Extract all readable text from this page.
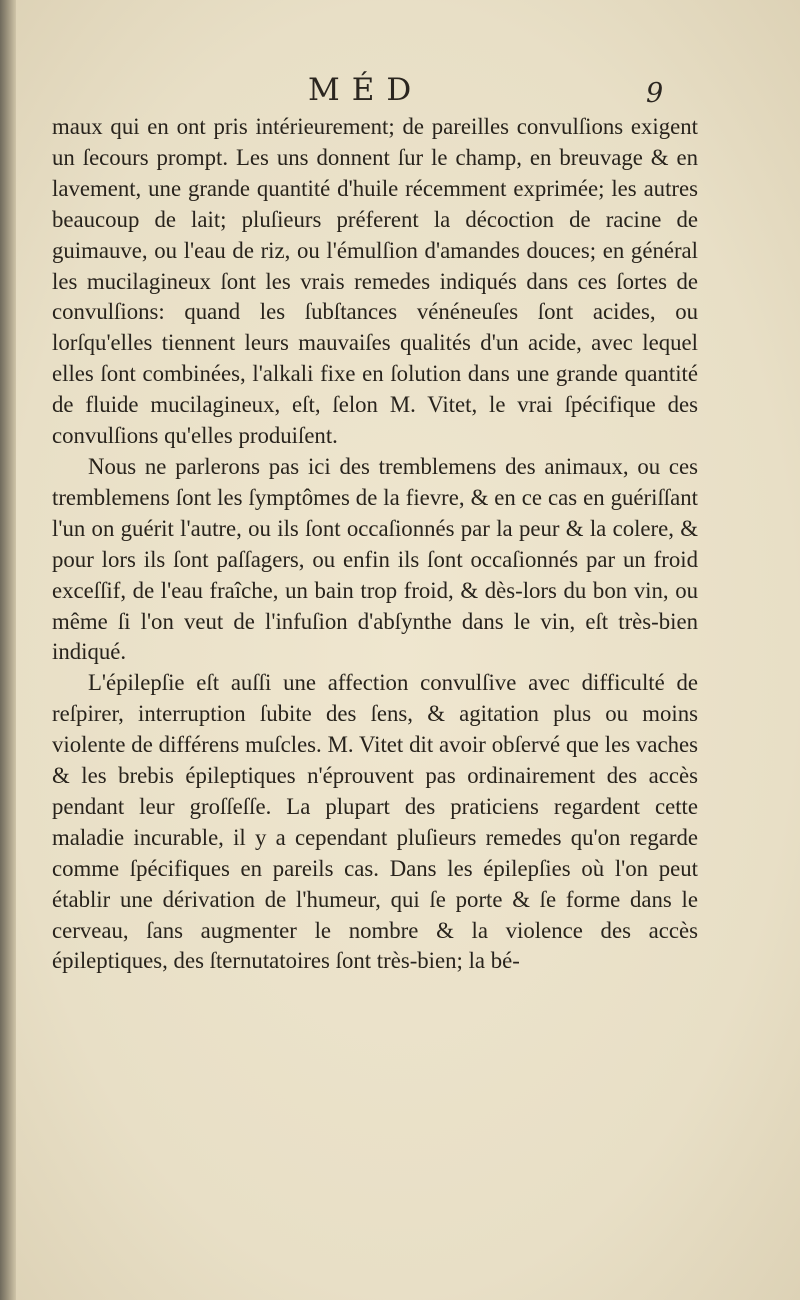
MÉD	9

maux qui en ont pris intérieurement; de pareilles convulſions exigent un ſecours prompt. Les uns donnent ſur le champ, en breuvage & en lavement, une grande quantité d'huile récemment exprimée; les autres beaucoup de lait; pluſieurs préferent la décoction de racine de guimauve, ou l'eau de riz, ou l'émulſion d'amandes douces; en général les mucilagineux ſont les vrais remedes indiqués dans ces ſortes de convulſions: quand les ſubſtances vénéneuſes ſont acides, ou lorſqu'elles tiennent leurs mauvaiſes qualités d'un acide, avec lequel elles ſont combinées, l'alkali fixe en ſolution dans une grande quantité de fluide mucilagineux, eſt, ſelon M. Vitet, le vrai ſpécifique des convulſions qu'elles produiſent.

Nous ne parlerons pas ici des tremblemens des animaux, ou ces tremblemens ſont les ſymptômes de la fievre, & en ce cas en guériſſant l'un on guérit l'autre, ou ils ſont occaſionnés par la peur & la colere, & pour lors ils ſont paſſagers, ou enfin ils ſont occaſionnés par un froid exceſſif, de l'eau fraîche, un bain trop froid, & dès-lors du bon vin, ou même ſi l'on veut de l'infuſion d'abſynthe dans le vin, eſt très-bien indiqué.

L'épilepſie eſt auſſi une affection convulſive avec difficulté de reſpirer, interruption ſubite des ſens, & agitation plus ou moins violente de différens muſcles. M. Vitet dit avoir obſervé que les vaches & les brebis épileptiques n'éprouvent pas ordinairement des accès pendant leur groſſeſſe. La plupart des praticiens regardent cette maladie incurable, il y a cependant pluſieurs remedes qu'on regarde comme ſpécifiques en pareils cas. Dans les épilepſies où l'on peut établir une dérivation de l'humeur, qui ſe porte & ſe forme dans le cerveau, ſans augmenter le nombre & la violence des accès épileptiques, des ſternutatoires ſont très-bien; la bé-
